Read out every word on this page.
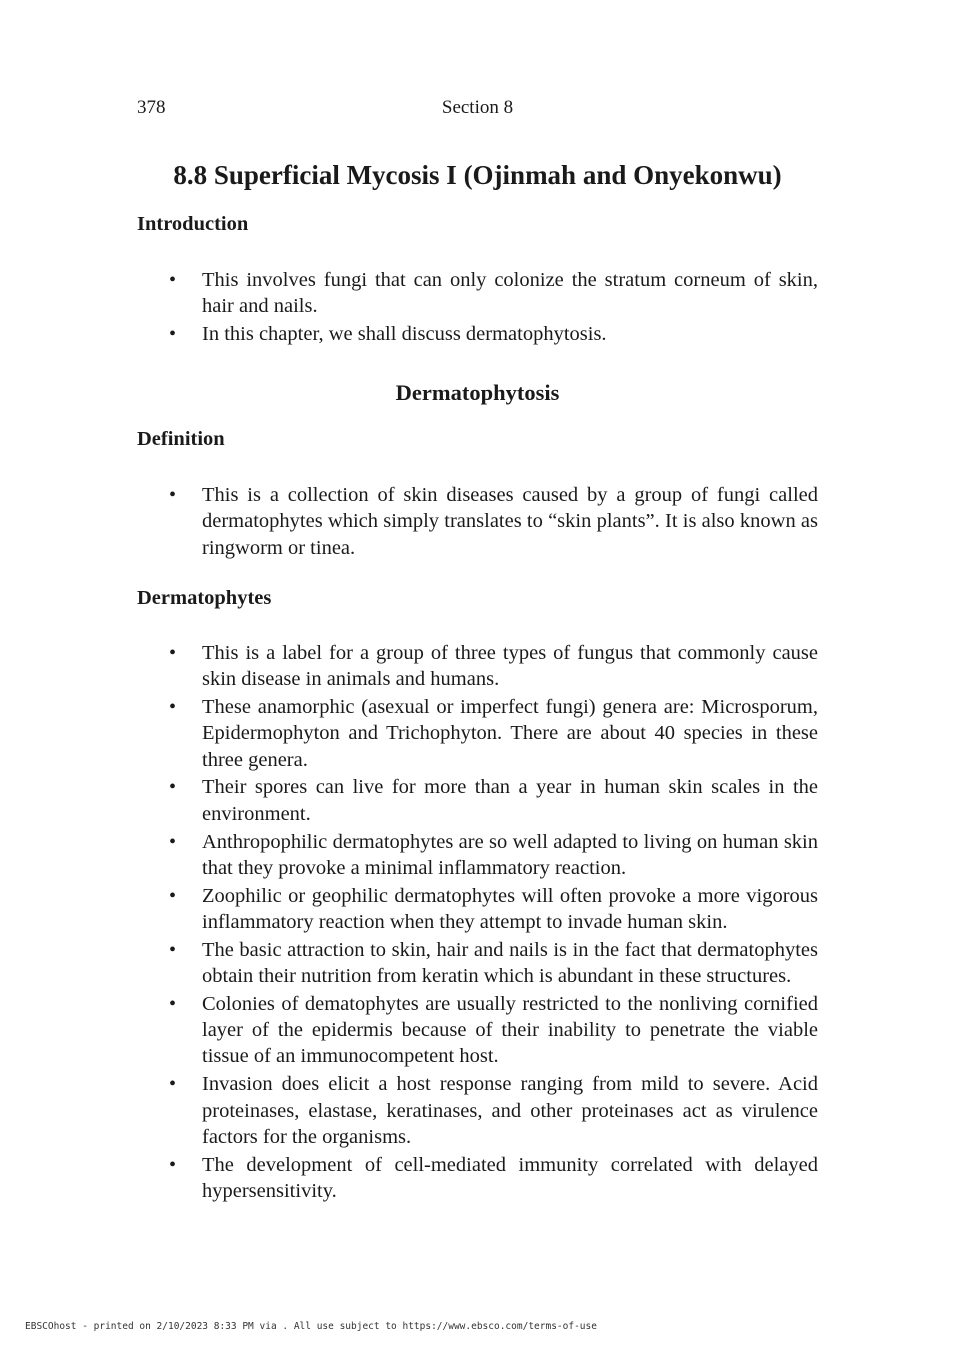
378	Section 8
8.8 Superficial Mycosis I (Ojinmah and Onyekonwu)
Introduction
• This involves fungi that can only colonize the stratum corneum of skin, hair and nails.
• In this chapter, we shall discuss dermatophytosis.
Dermatophytosis
Definition
• This is a collection of skin diseases caused by a group of fungi called dermatophytes which simply translates to “skin plants”. It is also known as ringworm or tinea.
Dermatophytes
• This is a label for a group of three types of fungus that commonly cause skin disease in animals and humans.
• These anamorphic (asexual or imperfect fungi) genera are: Microsporum, Epidermophyton and Trichophyton. There are about 40 species in these three genera.
• Their spores can live for more than a year in human skin scales in the environment.
• Anthropophilic dermatophytes are so well adapted to living on human skin that they provoke a minimal inflammatory reaction.
• Zoophilic or geophilic dermatophytes will often provoke a more vigorous inflammatory reaction when they attempt to invade human skin.
• The basic attraction to skin, hair and nails is in the fact that dermatophytes obtain their nutrition from keratin which is abundant in these structures.
• Colonies of dematophytes are usually restricted to the nonliving cornified layer of the epidermis because of their inability to penetrate the viable tissue of an immunocompetent host.
• Invasion does elicit a host response ranging from mild to severe. Acid proteinases, elastase, keratinases, and other proteinases act as virulence factors for the organisms.
• The development of cell-mediated immunity correlated with delayed hypersensitivity.
EBSCOhost - printed on 2/10/2023 8:33 PM via . All use subject to https://www.ebsco.com/terms-of-use
